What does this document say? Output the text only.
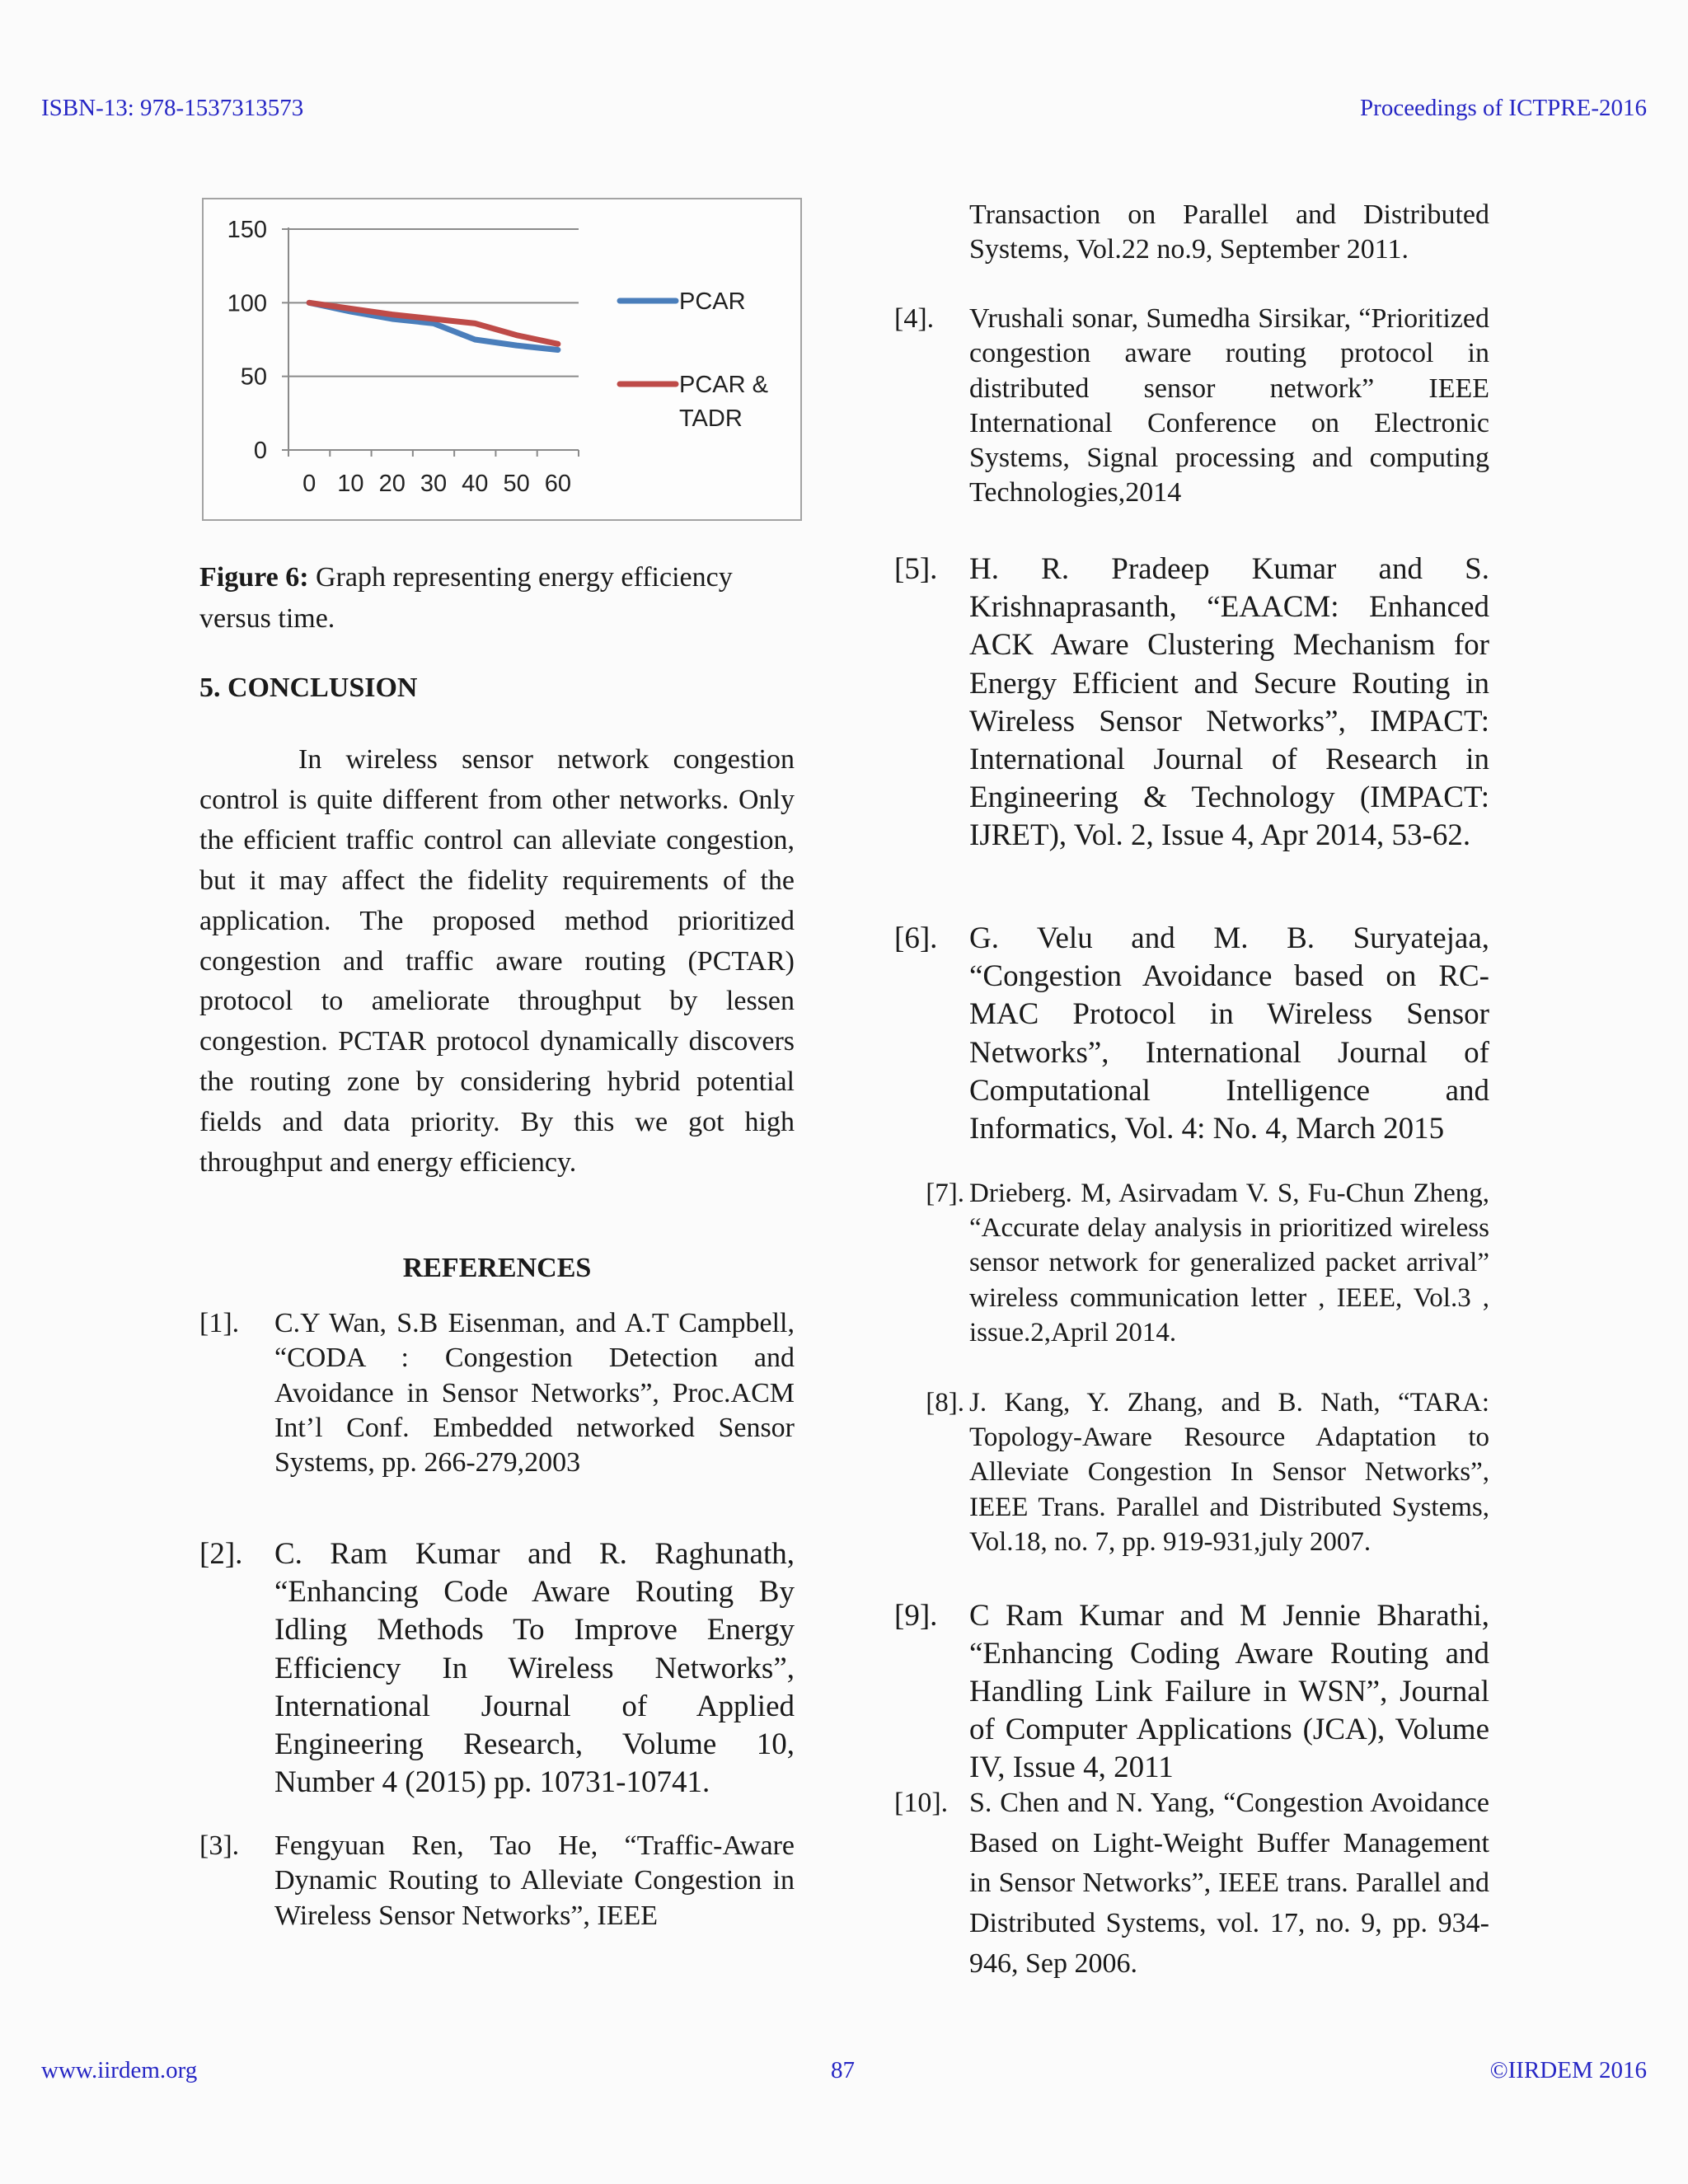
ISBN-13: 978-1537313573	Proceedings of ICTPRE-2016
0
50
100
150
0 10 20 30 40 50 60
PCAR
PCAR &
TADR
Figure 6: Graph representing energy efficiency versus time.
5. CONCLUSION
In wireless sensor network congestion control is quite different from other networks. Only the efficient traffic control can alleviate congestion, but it may affect the fidelity requirements of the application. The proposed method prioritized congestion and traffic aware routing (PCTAR) protocol to ameliorate throughput by lessen congestion. PCTAR protocol dynamically discovers the routing zone by considering hybrid potential fields and data priority. By this we got high throughput and energy efficiency.
REFERENCES
[1].	C.Y Wan, S.B Eisenman, and A.T Campbell, “CODA : Congestion Detection and Avoidance in Sensor Networks”, Proc.ACM Int’l Conf. Embedded networked Sensor Systems, pp. 266-279,2003
[2].	C. Ram Kumar and R. Raghunath, “Enhancing Code Aware Routing By Idling Methods To Improve Energy Efficiency In Wireless Networks”, International Journal of Applied Engineering Research, Volume 10, Number 4 (2015) pp. 10731-10741.
[3].	Fengyuan Ren, Tao He, “Traffic-Aware Dynamic Routing to Alleviate Congestion in Wireless Sensor Networks”, IEEE
Transaction on Parallel and Distributed Systems, Vol.22 no.9, September 2011.
[4].	Vrushali sonar, Sumedha Sirsikar, “Prioritized congestion aware routing protocol in distributed sensor network” IEEE International Conference on Electronic Systems, Signal processing and computing Technologies,2014
[5].	H. R. Pradeep Kumar and S. Krishnaprasanth, “EAACM: Enhanced ACK Aware Clustering Mechanism for Energy Efficient and Secure Routing in Wireless Sensor Networks”, IMPACT: International Journal of Research in Engineering & Technology (IMPACT: IJRET), Vol. 2, Issue 4, Apr 2014, 53-62.
[6].	G. Velu and M. B. Suryatejaa, “Congestion Avoidance based on RC-MAC Protocol in Wireless Sensor Networks”, International Journal of Computational Intelligence and Informatics, Vol. 4: No. 4, March 2015
[7]. Drieberg. M, Asirvadam V. S, Fu-Chun Zheng, “Accurate delay analysis in prioritized wireless sensor network for generalized packet arrival” wireless communication letter , IEEE, Vol.3 , issue.2,April 2014.
[8]. J. Kang, Y. Zhang, and B. Nath, “TARA: Topology-Aware Resource Adaptation to Alleviate Congestion In Sensor Networks”, IEEE Trans. Parallel and Distributed Systems, Vol.18, no. 7, pp. 919-931,july 2007.
[9].	C Ram Kumar and M Jennie Bharathi, “Enhancing Coding Aware Routing and Handling Link Failure in WSN”, Journal of Computer Applications (JCA), Volume IV, Issue 4, 2011
[10]. S. Chen and N. Yang, “Congestion Avoidance Based on Light-Weight Buffer Management in Sensor Networks”, IEEE trans. Parallel and Distributed Systems, vol. 17, no. 9, pp. 934-946, Sep 2006.
www.iirdem.org	87	©IIRDEM 2016
